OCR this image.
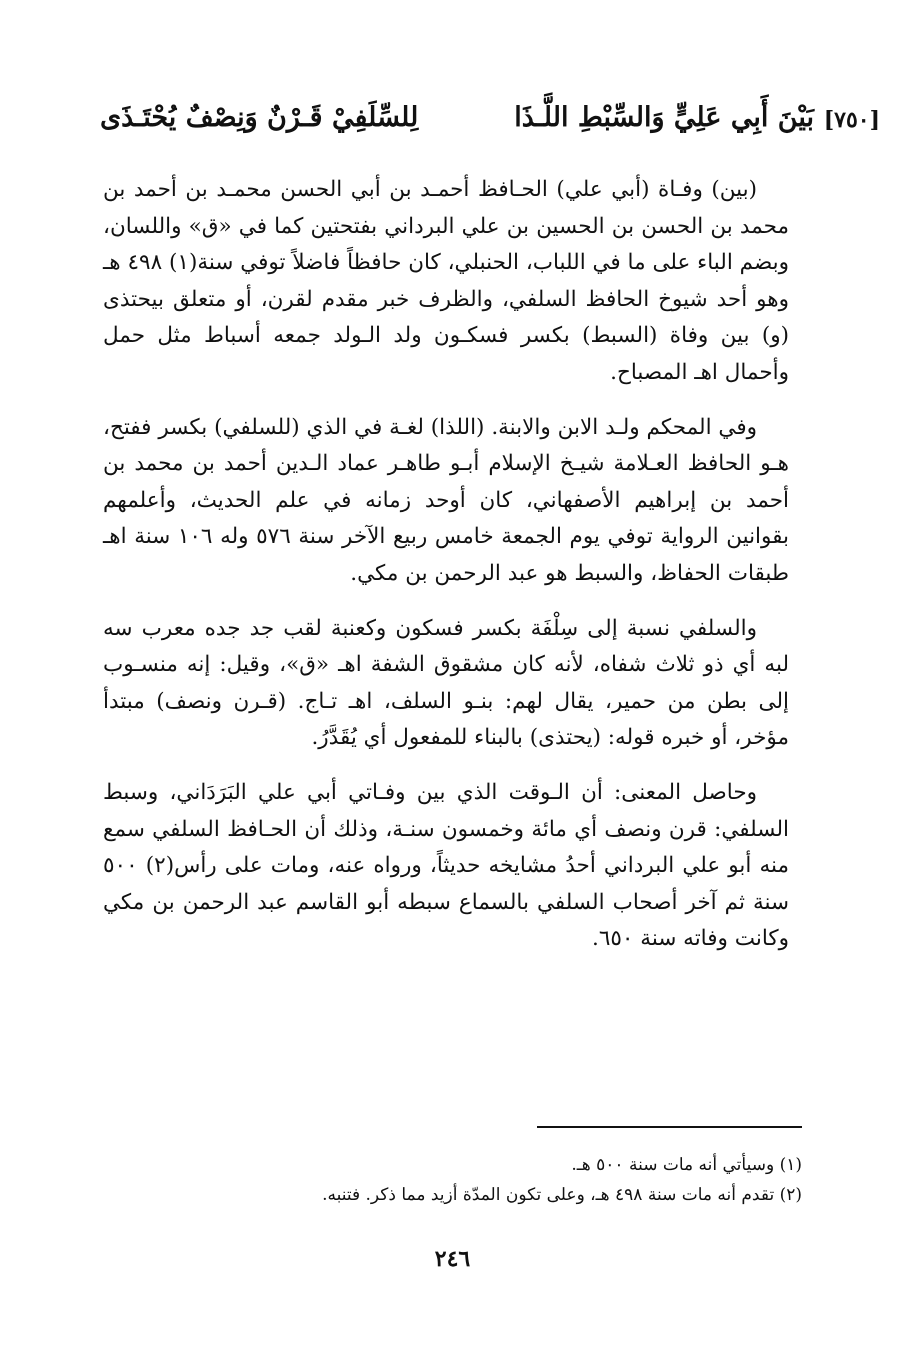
[٧٥٠]
بَيْنَ أَبِي عَلِيٍّ وَالسِّبْطِ اللَّـذَا
لِلسِّلَفِيْ قَـرْنٌ وَنِصْفٌ يُحْتَـذَى

(بين) وفـاة (أبي علي) الحـافظ أحمـد بن أبي الحسن محمـد بن أحمد بن محمد بن الحسن بن الحسين بن علي البرداني بفتحتين كما في «ق» واللسان، وبضم الباء على ما في اللباب، الحنبلي، كان حافظاً فاضلاً توفي سنة(١) ٤٩٨ هـ وهو أحد شيوخ الحافظ السلفي، والظرف خبر مقدم لقرن، أو متعلق بيحتذى (و) بين وفاة (السبط) بكسر فسكـون ولد الـولد جمعه أسباط مثل حمل وأحمال اهـ المصباح.

وفي المحكم ولـد الابن والابنة. (اللذا) لغـة في الذي (للسلفي) بكسر ففتح، هـو الحافظ العـلامة شيـخ الإسلام أبـو طاهـر عماد الـدين أحمد بن محمد بن أحمد بن إبراهيم الأصفهاني، كان أوحد زمانه في علم الحديث، وأعلمهم بقوانين الرواية توفي يوم الجمعة خامس ربيع الآخر سنة ٥٧٦ وله ١٠٦ سنة اهـ طبقات الحفاظ، والسبط هو عبد الرحمن بن مكي.

والسلفي نسبة إلى سِلْفَة بكسر فسكون وكعنبة لقب جد جده معرب سه لبه أي ذو ثلاث شفاه، لأنه كان مشقوق الشفة اهـ «ق»، وقيل: إنه منسـوب إلى بطن من حمير، يقال لهم: بنـو السلف، اهـ تـاج. (قـرن ونصف) مبتدأ مؤخر، أو خبره قوله: (يحتذى) بالبناء للمفعول أي يُقَدَّرُ.

وحاصل المعنى: أن الـوقت الذي بين وفـاتي أبي علي البَرَدَاني، وسبط السلفي: قرن ونصف أي مائة وخمسون سنـة، وذلك أن الحـافظ السلفي سمع منه أبو علي البرداني أحدُ مشايخه حديثاً، ورواه عنه، ومات على رأس(٢) ٥٠٠ سنة ثم آخر أصحاب السلفي بالسماع سبطه أبو القاسم عبد الرحمن بن مكي وكانت وفاته سنة ٦٥٠.

(١) وسيأتي أنه مات سنة ٥٠٠ هـ.

(٢) تقدم أنه مات سنة ٤٩٨ هـ، وعلى تكون المدّة أزيد مما ذكر. فتنبه.

٢٤٦
